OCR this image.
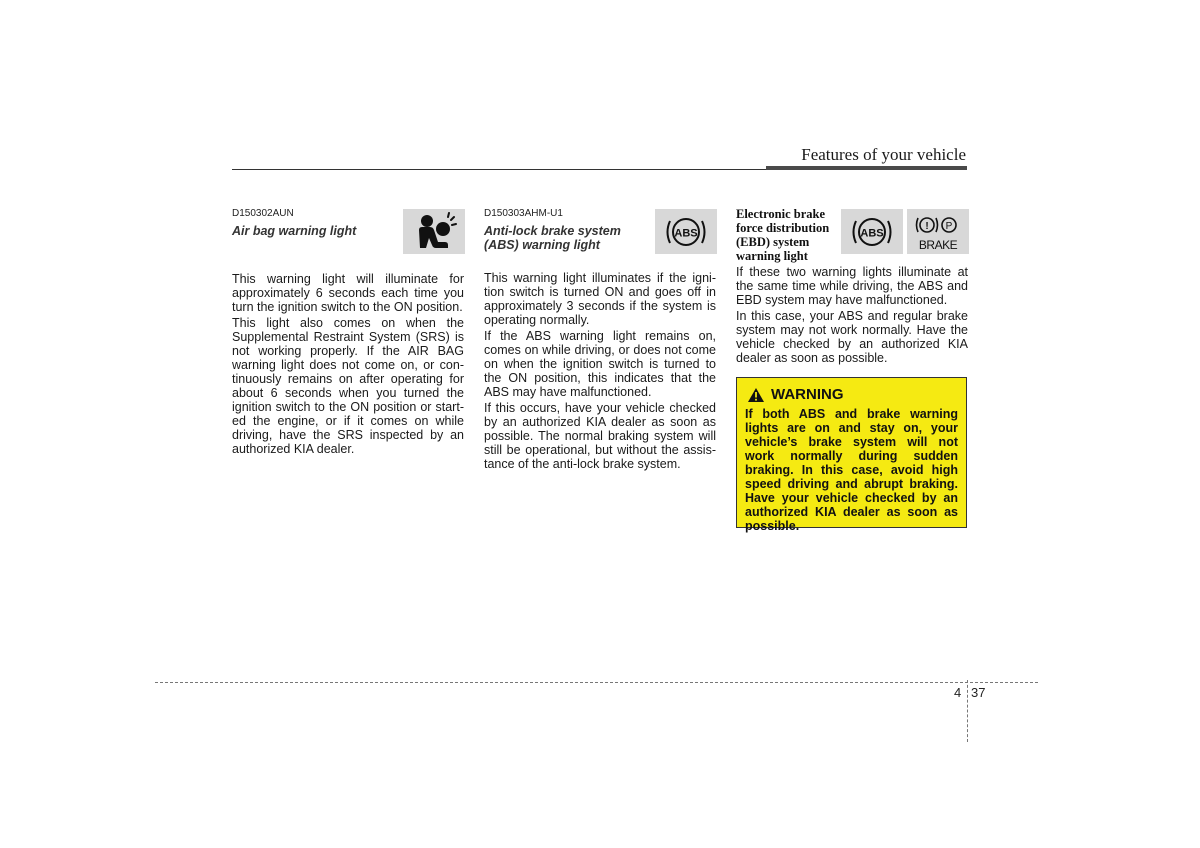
Features of your vehicle
D150302AUN
Air bag warning light

This warning light will illuminate for approximately 6 seconds each time you turn the ignition switch to the ON position.

This light also comes on when the Supplemental Restraint System (SRS) is not working properly. If the AIR BAG warning light does not come on, or continuously remains on after operating for about 6 seconds when you turned the ignition switch to the ON position or started the engine, or if it comes on while driving, have the SRS inspected by an authorized KIA dealer.

D150303AHM-U1
Anti-lock brake system (ABS) warning light

This warning light illuminates if the ignition switch is turned ON and goes off in approximately 3 seconds if the system is operating normally.

If the ABS warning light remains on, comes on while driving, or does not come on when the ignition switch is turned to the ON position, this indicates that the ABS may have malfunctioned.

If this occurs, have your vehicle checked by an authorized KIA dealer as soon as possible. The normal braking system will still be operational, but without the assistance of the anti-lock brake system.

ABS
Electronic brake force distribution (EBD) system warning light

If these two warning lights illuminate at the same time while driving, the ABS and EBD system may have malfunctioned.

In this case, your ABS and regular brake system may not work normally. Have the vehicle checked by an authorized KIA dealer as soon as possible.

ABS
! P
BRAKE
WARNING
If both ABS and brake warning lights are on and stay on, your vehicle’s brake system will not work normally during sudden braking. In this case, avoid high speed driving and abrupt braking. Have your vehicle checked by an authorized KIA dealer as soon as possible.
4 37
